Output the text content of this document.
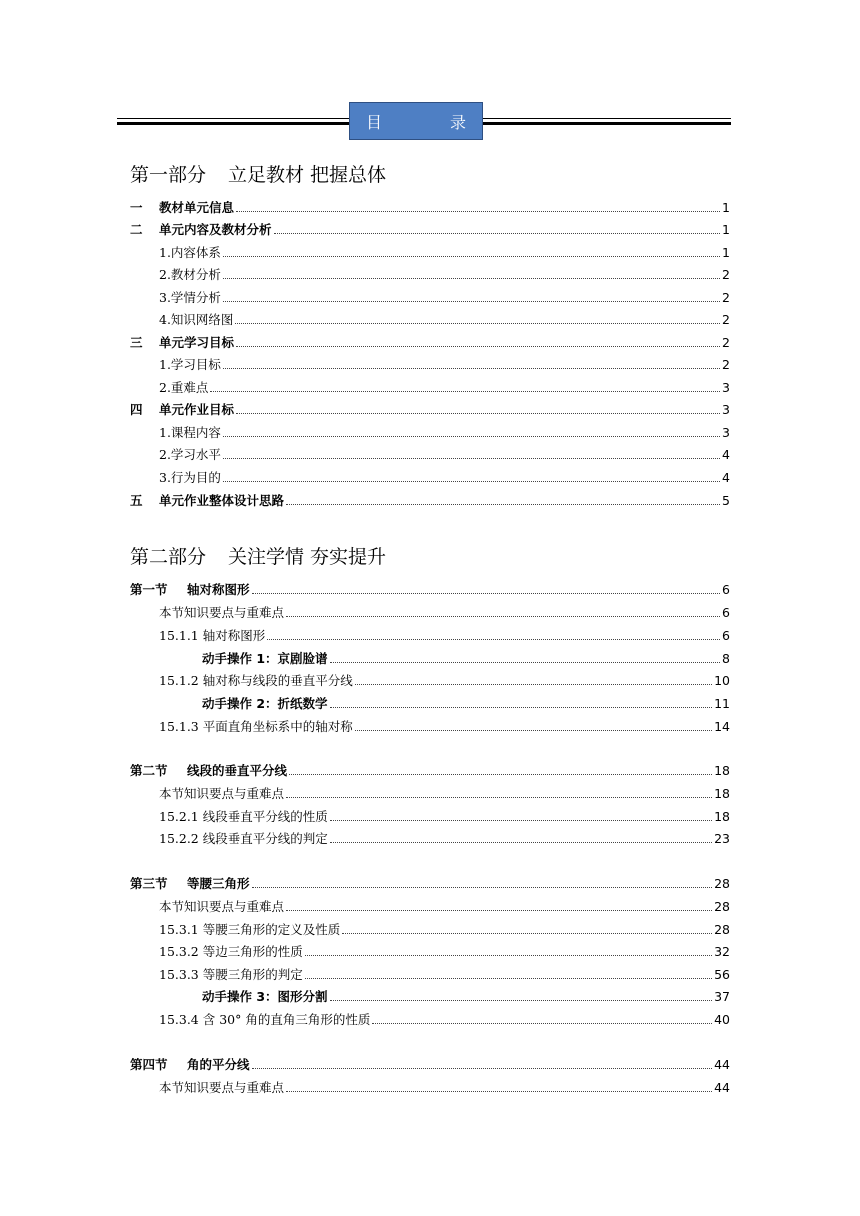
目	录
第一部分 立足教材 把握总体
一	教材单元信息	1
二	单元内容及教材分析	1
1.内容体系	1
2.教材分析	2
3.学情分析	2
4.知识网络图	2
三	单元学习目标	2
1.学习目标	2
2.重难点	3
四	单元作业目标	3
1.课程内容	3
2.学习水平	4
3.行为目的	4
五	单元作业整体设计思路	5
第二部分 关注学情 夯实提升
第一节	轴对称图形	6
本节知识要点与重难点	6
15.1.1 轴对称图形	6
动手操作 1：京剧脸谱	8
15.1.2 轴对称与线段的垂直平分线	10
动手操作 2：折纸数学	11
15.1.3 平面直角坐标系中的轴对称	14
第二节	线段的垂直平分线	18
本节知识要点与重难点	18
15.2.1 线段垂直平分线的性质	18
15.2.2 线段垂直平分线的判定	23
第三节	等腰三角形	28
本节知识要点与重难点	28
15.3.1 等腰三角形的定义及性质	28
15.3.2 等边三角形的性质	32
15.3.3 等腰三角形的判定	56
动手操作 3：图形分割	37
15.3.4 含 30° 角的直角三角形的性质	40
第四节	角的平分线	44
本节知识要点与重难点	44
